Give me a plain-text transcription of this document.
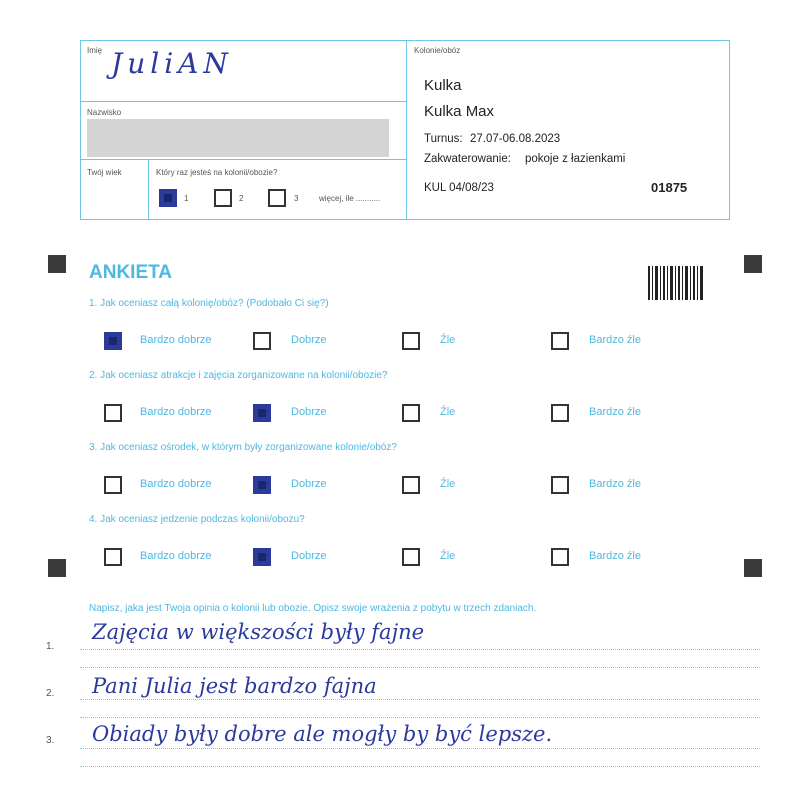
Imię JuliAN
Nazwisko
Twój wiek	Który raz jesteś na kolonii/obozie?
1	2	3	więcej, ile ...........
Kolonie/obóz
Kulka
Kulka Max
Turnus: 27.07-06.08.2023
Zakwaterowanie: pokoje z łazienkami
KUL 04/08/23	01875
ANKIETA
1. Jak oceniasz całą kolonię/obóz? (Podobało Ci się?)
Bardzo dobrze	Dobrze	Źle	Bardzo źle
2. Jak oceniasz atrakcje i zajęcia zorganizowane na kolonii/obozie?
Bardzo dobrze	Dobrze	Źle	Bardzo źle
3. Jak oceniasz ośrodek, w którym były zorganizowane kolonie/obóz?
Bardzo dobrze	Dobrze	Źle	Bardzo źle
4. Jak oceniasz jedzenie podczas kolonii/obozu?
Bardzo dobrze	Dobrze	Źle	Bardzo źle
Napisz, jaka jest Twoja opinia o kolonii lub obozie. Opisz swoje wrażenia z pobytu w trzech zdaniach.
1.
Zajęcia w większości były fajne
2. Pani Julia jest bardzo fajna
3. Obiady były dobre ale mogły by być lepsze.
